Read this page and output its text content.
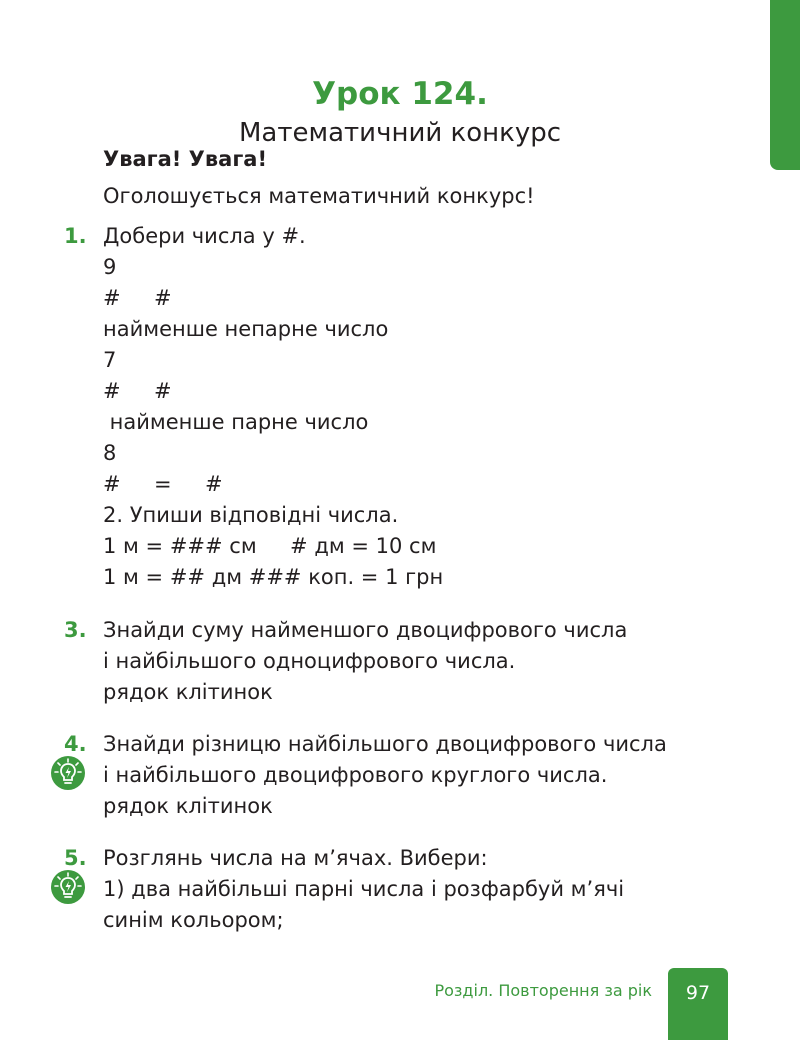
Урок 124.
Математичний конкурс
Увага! Увага!
Оголошується математичний конкурс!
1. Добери числа у #.
9
#     #
найменше непарне число
7
#     #
найменше парне число
8
#     =     #
2. Упиши відповідні числа.
1 м = ### см     # дм = 10 см
1 м = ## дм ### коп. = 1 грн
3. Знайди суму найменшого двоцифрового числа
і найбільшого одноцифрового числа.
рядок клітинок
4. Знайди різницю найбільшого двоцифрового числа
і найбільшого двоцифрового круглого числа.
рядок клітинок
5. Розглянь числа на м’ячах. Вибери:
1) два найбільші парні числа і розфарбуй м’ячі
синім кольором;
Розділ. Повторення за рік	97
